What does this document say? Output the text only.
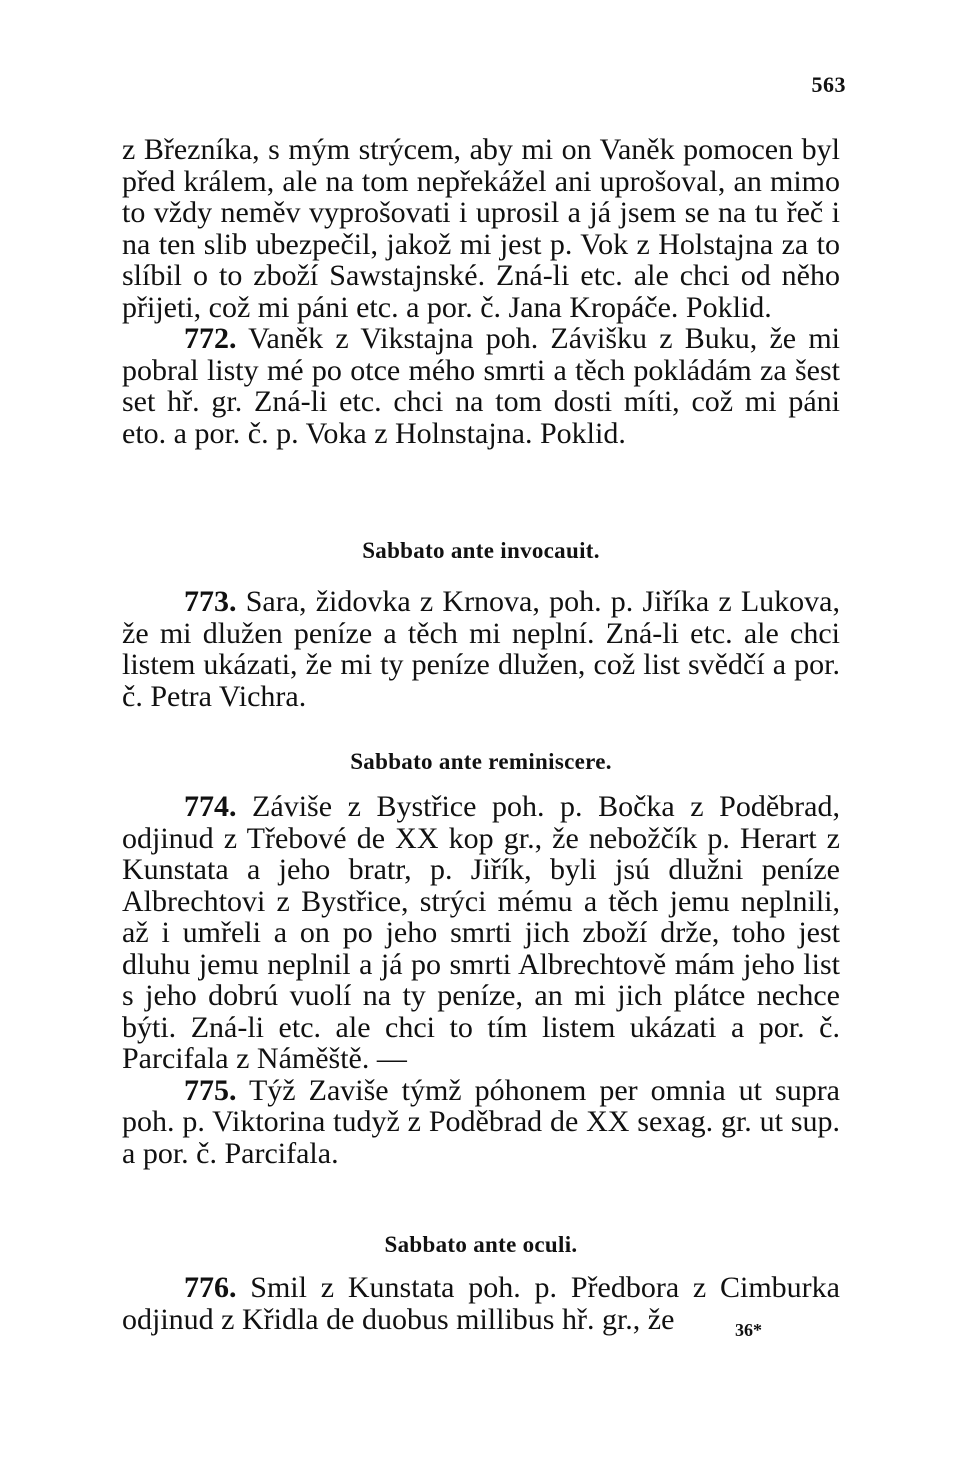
563

z Březníka, s mým strýcem, aby mi on Vaněk pomocen byl před králem, ale na tom nepřekážel ani uprošoval, an mimo to vždy neměv vyprošovati i uprosil a já jsem se na tu řeč i na ten slib ubezpečil, jakož mi jest p. Vok z Holstajna za to slíbil o to zboží Sawstajnské. Zná-li etc. ale chci od něho přijeti, což mi páni etc. a por. č. Jana Kropáče. Poklid.

772. Vaněk z Vikstajna poh. Závišku z Buku, že mi pobral listy mé po otce mého smrti a těch pokládám za šest set hř. gr. Zná-li etc. chci na tom dosti míti, což mi páni eto. a por. č. p. Voka z Holnstajna. Poklid.

Sabbato ante invocauit.

773. Sara, židovka z Krnova, poh. p. Jiříka z Lukova, že mi dlužen peníze a těch mi neplní. Zná-li etc. ale chci listem ukázati, že mi ty peníze dlužen, což list svědčí a por. č. Petra Vichra.

Sabbato ante reminiscere.

774. Záviše z Bystřice poh. p. Bočka z Poděbrad, odjinud z Třebové de XX kop gr., že nebožčík p. Herart z Kunstata a jeho bratr, p. Jiřík, byli jsú dlužni peníze Albrechtovi z Bystřice, strýci mému a těch jemu neplnili, až i umřeli a on po jeho smrti jich zboží drže, toho jest dluhu jemu neplnil a já po smrti Albrechtově mám jeho list s jeho dobrú vuolí na ty peníze, an mi jich plátce nechce býti. Zná-li etc. ale chci to tím listem ukázati a por. č. Parcifala z Náměště. —

775. Týž Zaviše týmž póhonem per omnia ut supra poh. p. Viktorina tudyž z Poděbrad de XX sexag. gr. ut sup. a por. č. Parcifala.

Sabbato ante oculi.

776. Smil z Kunstata poh. p. Předbora z Cimburka odjinud z Křidla de duobus millibus hř. gr., že	36*
